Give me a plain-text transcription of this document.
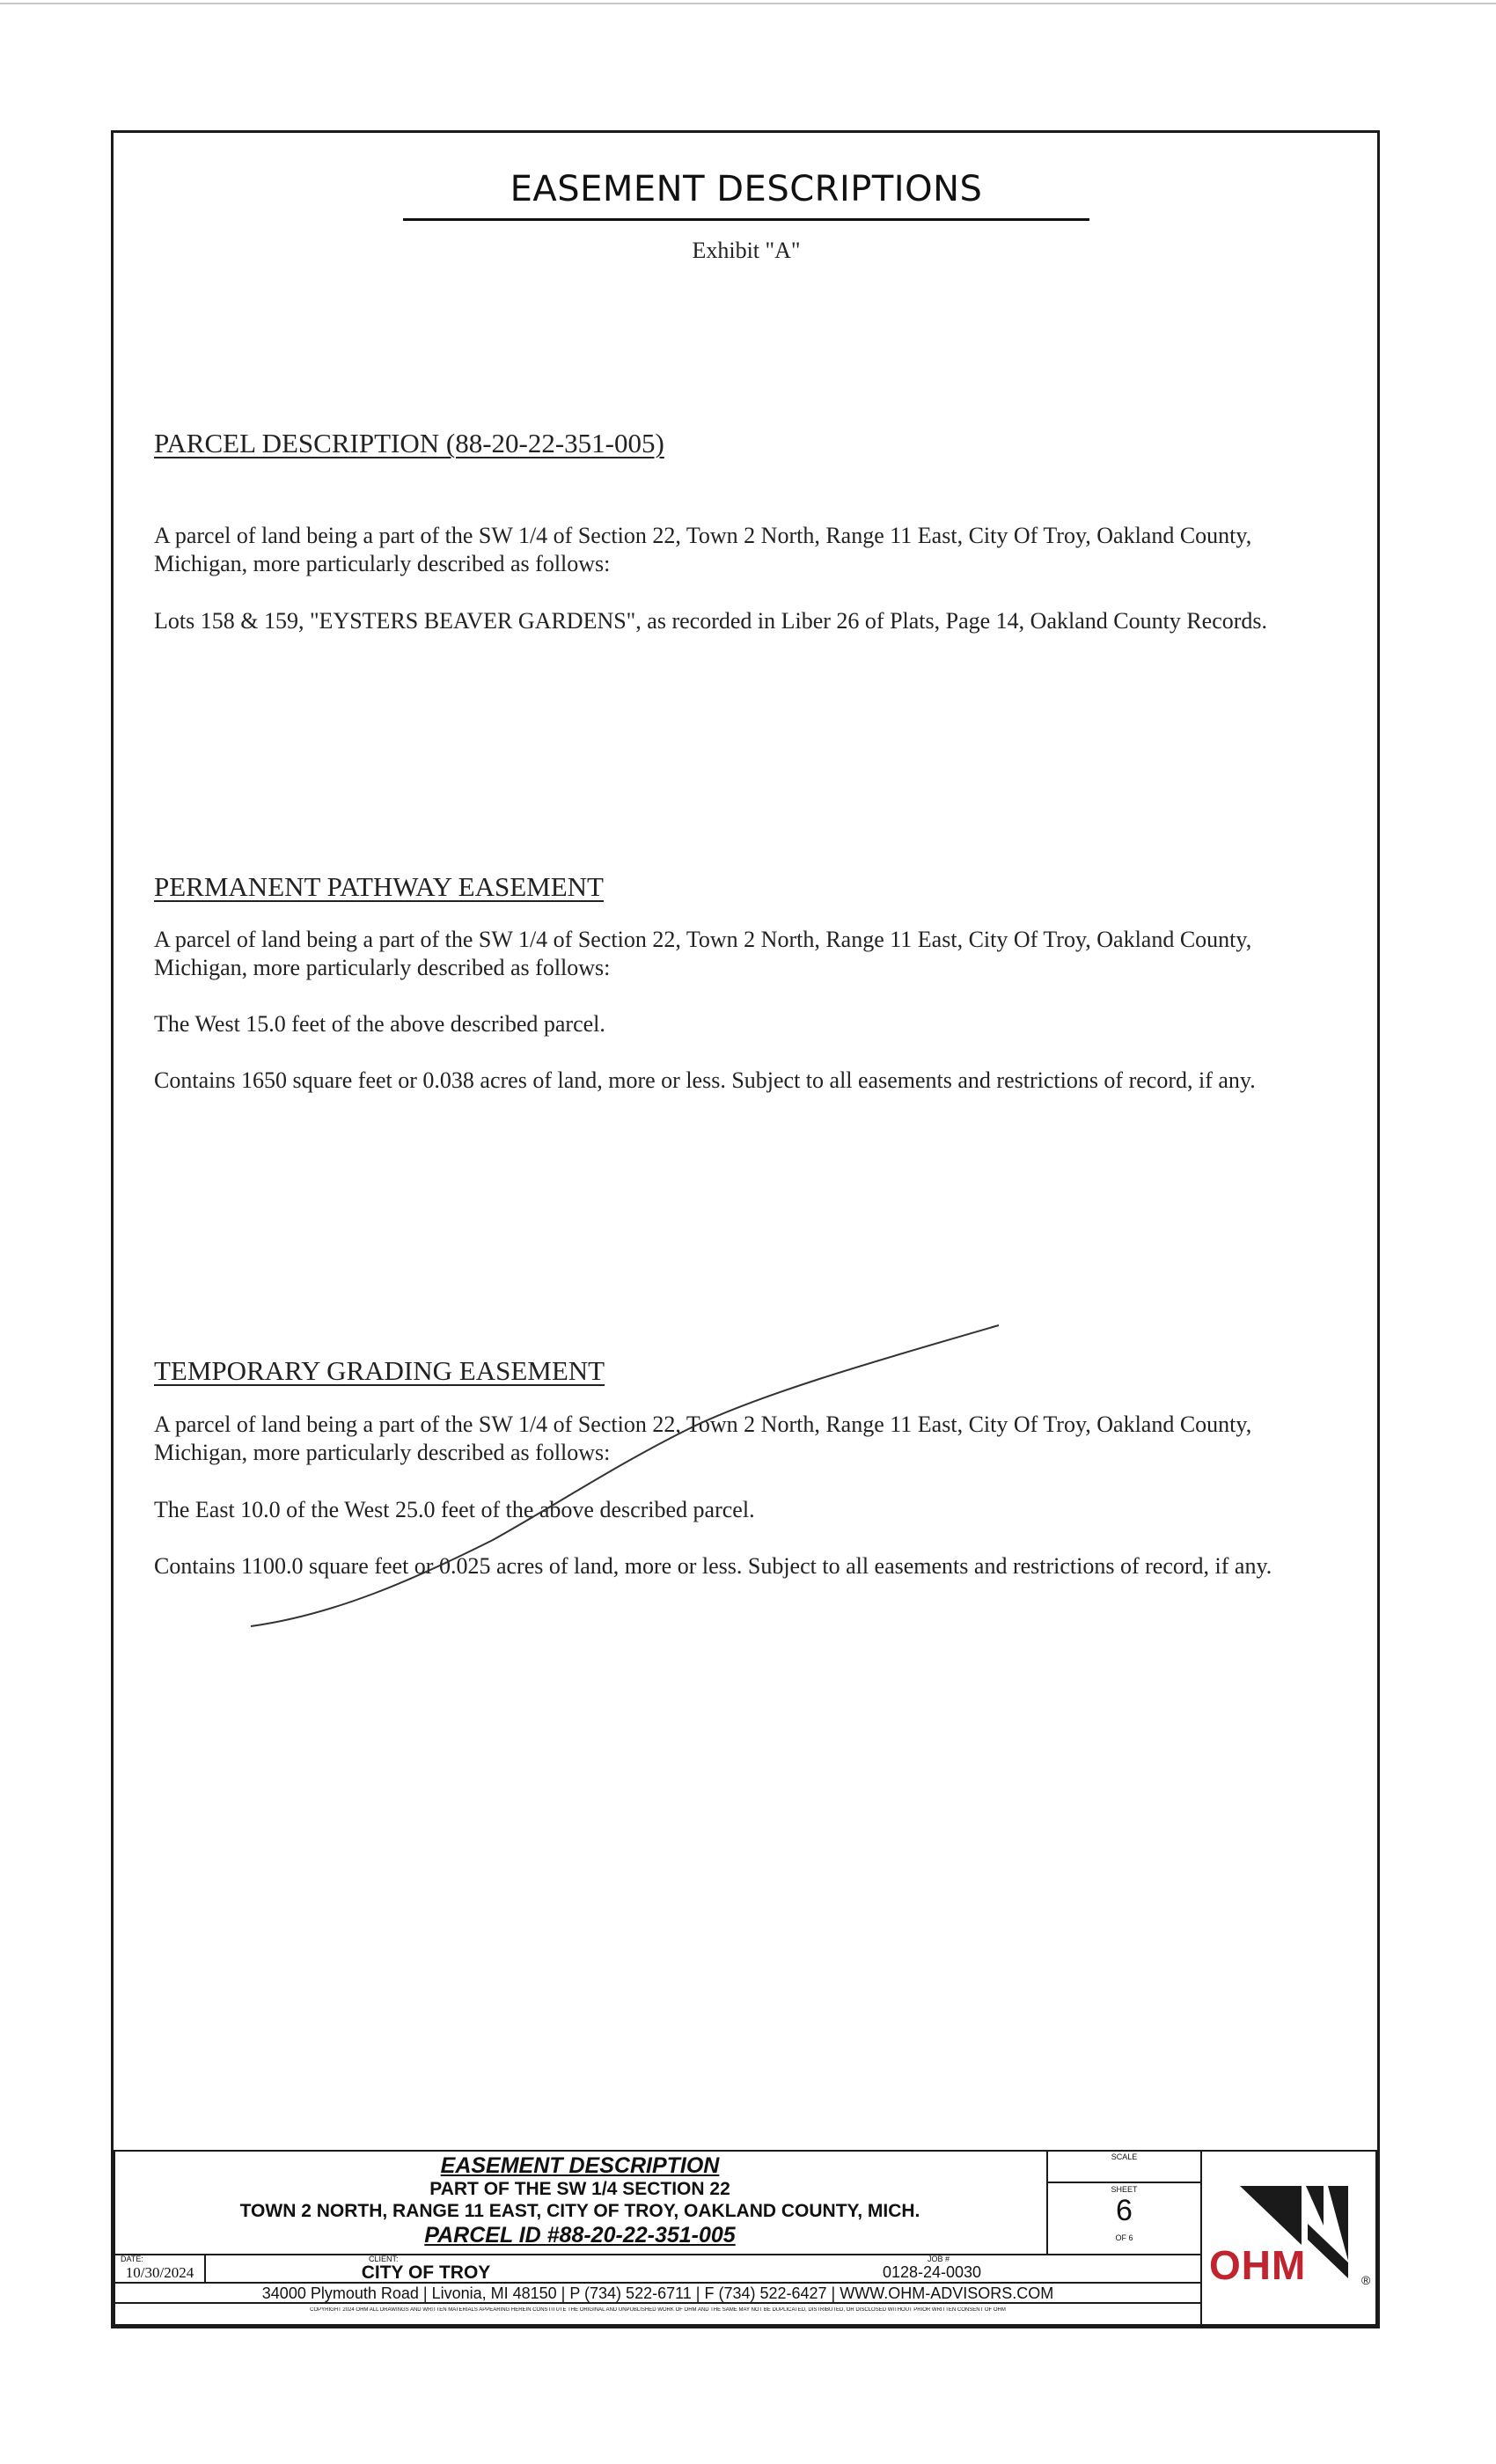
EASEMENT DESCRIPTIONS
Exhibit "A"
PARCEL DESCRIPTION (88-20-22-351-005)
A parcel of land being a part of the SW 1/4 of Section 22, Town 2 North, Range 11 East, City Of Troy, Oakland County, Michigan, more particularly described as follows:
Lots 158 & 159, "EYSTERS BEAVER GARDENS", as recorded in Liber 26 of Plats, Page 14, Oakland County Records.
PERMANENT PATHWAY EASEMENT
A parcel of land being a part of the SW 1/4 of Section 22, Town 2 North, Range 11 East, City Of Troy, Oakland County, Michigan, more particularly described as follows:
The West 15.0 feet of the above described parcel.
Contains 1650 square feet or 0.038 acres of land, more or less. Subject to all easements and restrictions of record, if any.
TEMPORARY GRADING EASEMENT
A parcel of land being a part of the SW 1/4 of Section 22, Town 2 North, Range 11 East, City Of Troy, Oakland County, Michigan, more particularly described as follows:
The East 10.0 of the West 25.0 feet of the above described parcel.
Contains 1100.0 square feet or 0.025 acres of land, more or less. Subject to all easements and restrictions of record, if any.
EASEMENT DESCRIPTION
PART OF THE SW 1/4 SECTION 22
TOWN 2 NORTH, RANGE 11 EAST, CITY OF TROY, OAKLAND COUNTY, MICH.
PARCEL ID #88-20-22-351-005
SCALE
SHEET
6
OF 6
DATE:
10/30/2024
CLIENT:
CITY OF TROY
JOB #
0128-24-0030
34000 Plymouth Road | Livonia, MI 48150 | P (734) 522-6711 | F (734) 522-6427 | WWW.OHM-ADVISORS.COM
COPYRIGHT 2024 OHM ALL DRAWINGS AND WRITTEN MATERIALS APPEARING HEREIN CONSTITUTE THE ORIGINAL AND UNPUBLISHED WORK OF OHM AND THE SAME MAY NOT BE DUPLICATED, DISTRIBUTED, OR DISCLOSED WITHOUT PRIOR WRITTEN CONSENT OF OHM
OHM	®
